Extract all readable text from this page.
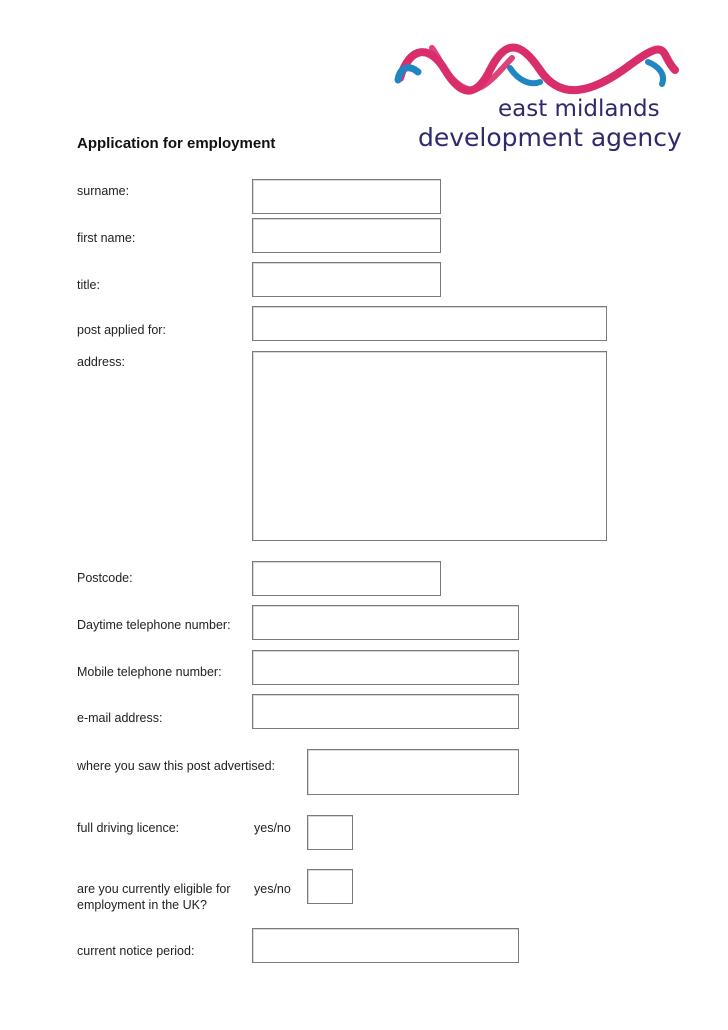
east midlands
development agency
Application for employment
surname:
first name:
title:
post applied for:
address:
Postcode:
Daytime telephone number:
Mobile telephone number:
e-mail address:
where you saw this post advertised:
full driving licence:	yes/no
are you currently eligible for
employment in the UK?
yes/no
current notice period:
